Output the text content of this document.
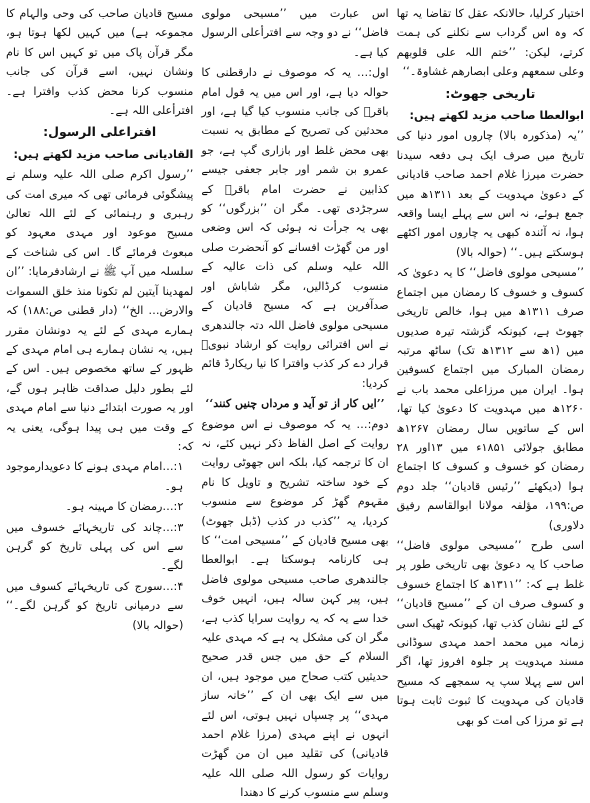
مسیح قادیان صاحب کی وحی والہام کا مجموعہ ہے) میں کہیں لکھا ہوتا ہو، مگر قرآن پاک میں تو کہیں اس کا نام ونشان نہیں، اسے قرآن کی جانب منسوب کرنا محض کذب وافترا ہے۔ افترأعلی اللہ ہے۔

افتراعلی الرسول:

القادیانی صاحب مزید لکھتے ہیں:

’’رسول اکرم صلی اللہ علیہ وسلم نے پیشگوئی فرمائی تھی کہ میری امت کی رہبری و رہنمائی کے لئے اللہ تعالیٰ مسیح موعود اور مہدی معہود کو مبعوث فرمائے گا۔ اس کی شناخت کے سلسلہ میں آپ ﷺ نے ارشادفرمایا: ’’ان لمھدینا آیتین لم تکونا منذ خلق السموات والارض… الخ‘‘ (دار قطنی ص:۱۸۸) کہ ہمارے مہدی کے لئے یہ دونشان مقرر ہیں، یہ نشان ہمارے ہی امام مہدی کے ظہور کے ساتھ مخصوص ہیں۔ اس کے لئے بطور دلیل صداقت ظاہر ہوں گے، اور یہ صورت ابتدائے دنیا سے امام مہدی کے وقت میں ہی پیدا ہوگی، یعنی یہ کہ:

۱:…امام مہدی ہونے کا دعویدارموجود ہو۔

۲:…رمضان کا مہینہ ہو۔

۳:…چاند کی تاریخہائے خسوف میں سے اس کی پہلی تاریخ کو گرہن لگے۔

۴:…سورج کی تاریخہائے کسوف میں سے درمیانی تاریخ کو گرہن لگے۔‘‘ (حوالہ بالا)

اس عبارت میں ’’مسیحی مولوی فاضل‘‘ نے دو وجہ سے افترأعلی الرسول کیا ہے۔

اول:… یہ کہ موصوف نے دارقطنی کا حوالہ دیا ہے، اور اس میں یہ قول امام باقرؒ کی جانب منسوب کیا گیا ہے، اور محدثین کی تصریح کے مطابق یہ نسبت بھی محض غلط اور بازاری گپ ہے، جو عمرو بن شمر اور جابر جعفی جیسے کذابین نے حضرت امام باقرؒ کے سرجڑدی تھی۔ مگر ان ’’بزرگوں‘‘ کو بھی یہ جرأت نہ ہوئی کہ اس وضعی اور من گھڑت افسانے کو آنحضرت صلی اللہ علیہ وسلم کی ذات عالیہ کے منسوب کرڈالیں، مگر شاباش اور صدآفرین ہے کہ مسیح قادیان کے مسیحی مولوی فاضل اللہ دتہ جالندھری نے اس افترائی روایت کو ارشاد نبویؐ قرار دے کر کذب وافترا کا نیا ریکارڈ قائم کردیا:

’’ایں کار از تو آید و مرداں چنیں کنند‘‘

دوم:… یہ کہ موصوف نے اس موضوع روایت کے اصل الفاظ ذکر نہیں کئے، نہ ان کا ترجمہ کیا، بلکہ اس جھوٹی روایت کے خود ساختہ تشریح و تاویل کا نام مقہوم گھڑ کر موضوع سے منسوب کردیا، یہ ’’کذب در کذب (ڈبل جھوٹ) بھی مسیح قادیان کے ’’مسیحی امت‘‘ کا ہی کارنامہ ہوسکتا ہے۔ ابوالعطا جالندھری صاحب مسیحی مولوی فاضل ہیں، پیر کہن سالہ ہیں، انہیں خوف خدا سے یہ کہ یہ روایت سرایا کذب ہے، مگر ان کی مشکل یہ ہے کہ مہدی علیہ السلام کے حق میں جس قدر صحیح حدیثیں کتب صحاح میں موجود ہیں، ان میں سے ایک بھی ان کے ’’خانہ ساز مہدی‘‘ پر چسپاں نہیں ہوتی، اس لئے انہوں نے اپنے مہدی (مرزا غلام احمد قادیانی) کی تقلید میں ان من گھڑت روایات کو رسول اللہ صلی اللہ علیہ وسلم سے منسوب کرنے کا دھندا

اختیار کرلیا، حالانکہ عقل کا تقاضا یہ تھا کہ وہ اس گرداب سے نکلنے کی ہمت کرتے، لیکن: ’’ختم اللہ علی قلوبھم وعلی سمعھم وعلی ابصارھم غشاوۃ۔‘‘

تاریخی جھوٹ:

ابوالعطا صاحب مزید لکھتے ہیں:

’’یہ (مذکورہ بالا) چاروں امور دنیا کی تاریخ میں صرف ایک ہی دفعہ سیدنا حضرت میرزا غلام احمد صاحب قادیانی کے دعویٰ مہدویت کے بعد ۱۳۱۱ھ میں جمع ہوئے، نہ اس سے پہلے ایسا واقعہ ہوا، نہ آئندہ کبھی یہ چاروں امور اکٹھے ہوسکتے ہیں۔‘‘ (حوالہ بالا)

’’مسیحی مولوی فاضل‘‘ کا یہ دعویٰ کہ کسوف و خسوف کا رمضان میں اجتماع صرف ۱۳۱۱ھ میں ہوا، خالص تاریخی جھوٹ ہے، کیونکہ گزشتہ تیرہ صدیوں میں (۱ھ سے ۱۳۱۲ھ تک) ساٹھ مرتبہ رمضان المبارک میں اجتماع کسوفین ہوا۔ ایران میں مرزاعلی محمد باب نے ۱۲۶۰ھ میں مہدویت کا دعویٰ کیا تھا، اس کے ساتویں سال رمضان ۱۲۶۷ھ مطابق جولائی ۱۸۵۱ء میں ۱۳اور ۲۸ رمضان کو خسوف و کسوف کا اجتماع ہوا (دیکھئے ’’رئیس قادیان‘‘ جلد دوم ص:۱۹۹، مؤلفہ مولانا ابوالقاسم رفیق دلاوری)

اسی طرح ’’مسیحی مولوی فاضل‘‘ صاحب کا یہ دعویٰ بھی تاریخی طور پر غلط ہے کہ: ’’۱۳۱۱ھ کا اجتماع خسوف و کسوف صرف ان کے ’’مسیح قادیان‘‘ کے لئے نشان کذب تھا، کیونکہ ٹھیک اسی زمانہ میں محمد احمد مہدی سوڈانی مسند مہدویت پر جلوہ افروز تھا، اگر اس سے پہلا سپ یہ سمجھے کہ مسیح قادیان کی مہدویت کا ثبوت ثابت ہوتا ہے تو مرزا کی امت کو بھی
